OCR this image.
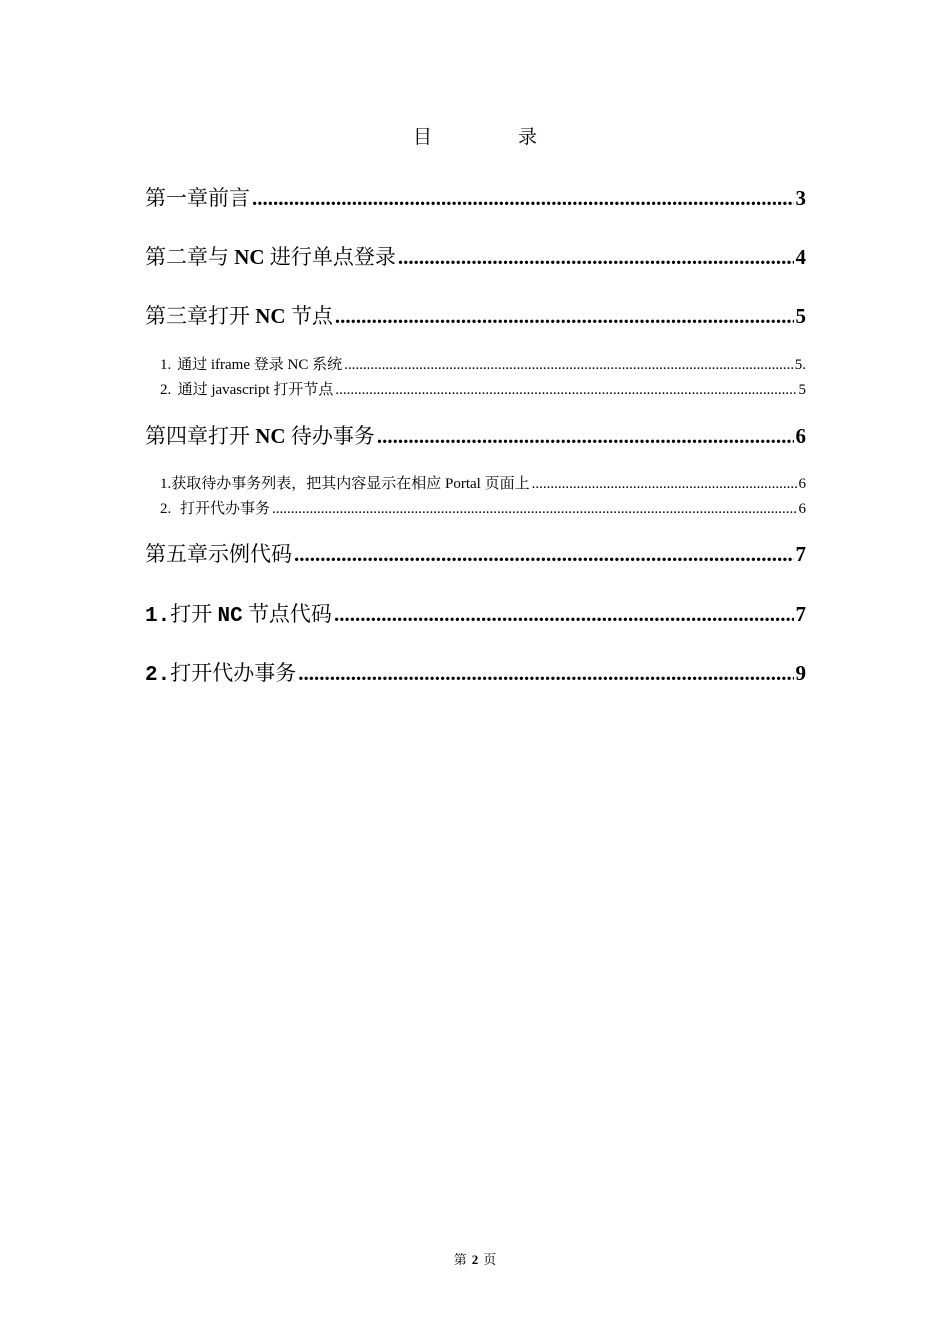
目	录
第一章 前言 .....	3
第二章 与 NC 进行单点登录 .....	4
第三章 打开 NC 节点 .....	5
1. 通过 iframe 登录 NC 系统 .....	5.
2. 通过 javascript 打开节点 .....	5
第四章 打开 NC 待办事务 .....	6
1. 获取待办事务列表，把其内容显示在相应 Portal 页面上 .....	6
2. 打开代办事务 .....	6
第五章 示例代码 .....	7
1. 打开 NC 节点代码 .....	7
2. 打开代办事务 .....	9
第 2 页
